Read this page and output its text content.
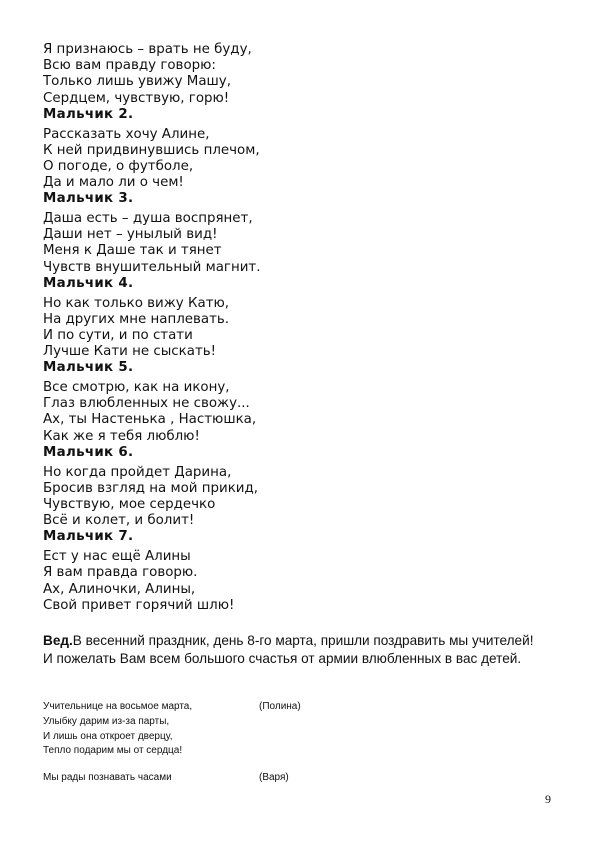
Я признаюсь – врать не буду,
Всю вам правду говорю:
Только лишь увижу Машу,
Сердцем, чувствую, горю!
Мальчик 2.
Рассказать хочу Алине,
К ней придвинувшись плечом,
О погоде, о футболе,
Да и мало ли о чем!
Мальчик 3.
Даша есть – душа воспрянет,
Даши нет – унылый вид!
Меня к Даше так и тянет
Чувств внушительный магнит.
Мальчик 4.
Но как только вижу Катю,
На других мне наплевать.
И по сути, и по стати
Лучше Кати не сыскать!
Мальчик 5.
Все смотрю, как на икону,
Глаз влюбленных не свожу...
Ах, ты Настенька , Настюшка,
Как же я тебя люблю!
Мальчик 6.
Но когда пройдет Дарина,
Бросив взгляд на мой прикид,
Чувствую, мое сердечко
Всё и колет, и болит!
Мальчик 7.
Ест у нас ещё Алины
Я вам правда говорю.
Ах, Алиночки, Алины,
Свой привет горячий шлю!
Вед.В весенний праздник, день 8-го марта, пришли поздравить мы учителей! И пожелать Вам всем большого счастья от армии влюбленных в вас детей.
Учительнице на восьмое марта,	(Полина)
Улыбку дарим из-за парты,
И лишь она откроет дверцу,
Тепло подарим мы от сердца!
Мы рады познавать часами	(Варя)
9
